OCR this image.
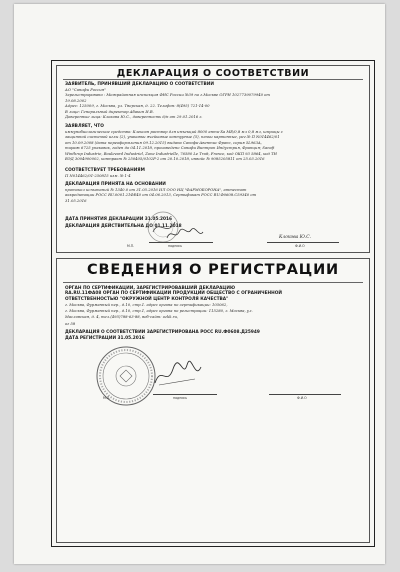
ДЕКЛАРАЦИЯ О СООТВЕТСТВИИ
ЗАЯВИТЕЛЬ, ПРИНЯВШИЙ ДЕКЛАРАЦИЮ О СООТВЕТСТВИИ
АО "Санофи Россия"
Зарегистрировано : Межрайонная инспекция ФНС России №39 по г.Москве ОГРН 1027739079940 от
19.08.2002
Адрес: 125009, г. Москва, ул. Тверская, д. 22. Телефон: 8(495) 721-14-00
В лице: Генеральный директор Абакин И.В.
Доверенные лица: Клокова Ю.С., доверенность 6/н от 29.01.2016 г.
ЗАЯВЛЯЕТ, ЧТО
иммунобиологическое средство: Клексан раствор для инъекций 8000 анти-Ха МЕ/0,8 мл 0,8 мл, шприцы с
защитной системой иглы (2), упаковки ячейковые контурные (5), пачки картонные, рег.№ П N014462/01
от 10.09.2008 (дата переоформления 09.12.2015) выдана Санофи-Авентис Франс, серия 5L963A,
тираж 6725 упаковок, годен до 04.11.2018, произведено Санофи Винтроп Индустрия, Франция; Sanofi
Winthrop Industrie, Boulevard Industriel, Zone Industrielle, 76580 Le Trait, France, код ОКП 93 5864, код ТН
ВЭД 3004900002, контракт № 250405/0102F-2 от 20.10.2018, инвойс № 9085205811 от 25.03.2016
СООТВЕТСТВУЕТ ТРЕБОВАНИЯМ
П N014462/01-250815 изм. № 1-4
ДЕКЛАРАЦИЯ ПРИНЯТА НА ОСНОВАНИИ
протокол испытаний № 1340.0 от 31.05.2016 ИЛ ООО НЦ "ФАРМОБОРОНА", аттестат
аккредитации РОСС RU.0001.21ФЕ40 от 04.06.2013, Сертификат РОСС RU.Ф0608.С59340 от
31.05.2016
ДАТА ПРИНЯТИЯ ДЕКЛАРАЦИИ 31.05.2016
ДЕКЛАРАЦИЯ ДЕЙСТВИТЕЛЬНА ДО 01.11.2018
подпись
М.П.
Клокова Ю.С.
Ф.И.О
СВЕДЕНИЯ О РЕГИСТРАЦИИ
ОРГАН ПО СЕРТИФИКАЦИИ, ЗАРЕГИСТРИРОВАВШИЙ ДЕКЛАРАЦИЮ
RA.RU.11ФА08 ОРГАН ПО СЕРТИФИКАЦИИ ПРОДУКЦИИ ОБЩЕСТВО С ОГРАНИЧЕННОЙ
ОТВЕТСТВЕННОСТЬЮ "ОКРУЖНОЙ ЦЕНТР КОНТРОЛЯ КАЧЕСТВА"
г. Москва, Фурманный пер., д.10, стр.1. адрес органа по сертификации: 105062,
г. Москва, Фурманный пер., д.10, стр.1, адрес органа по регистрации: 115280, г. Москва, ул.
Масловская, д. 4, тел.(495)788-63-88, веб-сайт: ozkk.ru,
ог 58
ДЕКЛАРАЦИЯ О СООТВЕТСТВИИ ЗАРЕГИСТРИРОВАНА РОСС RU.Ф0608.Д25949
ДАТА РЕГИСТРАЦИИ 31.05.2016
подпись
М.П.	Ф.И.О
